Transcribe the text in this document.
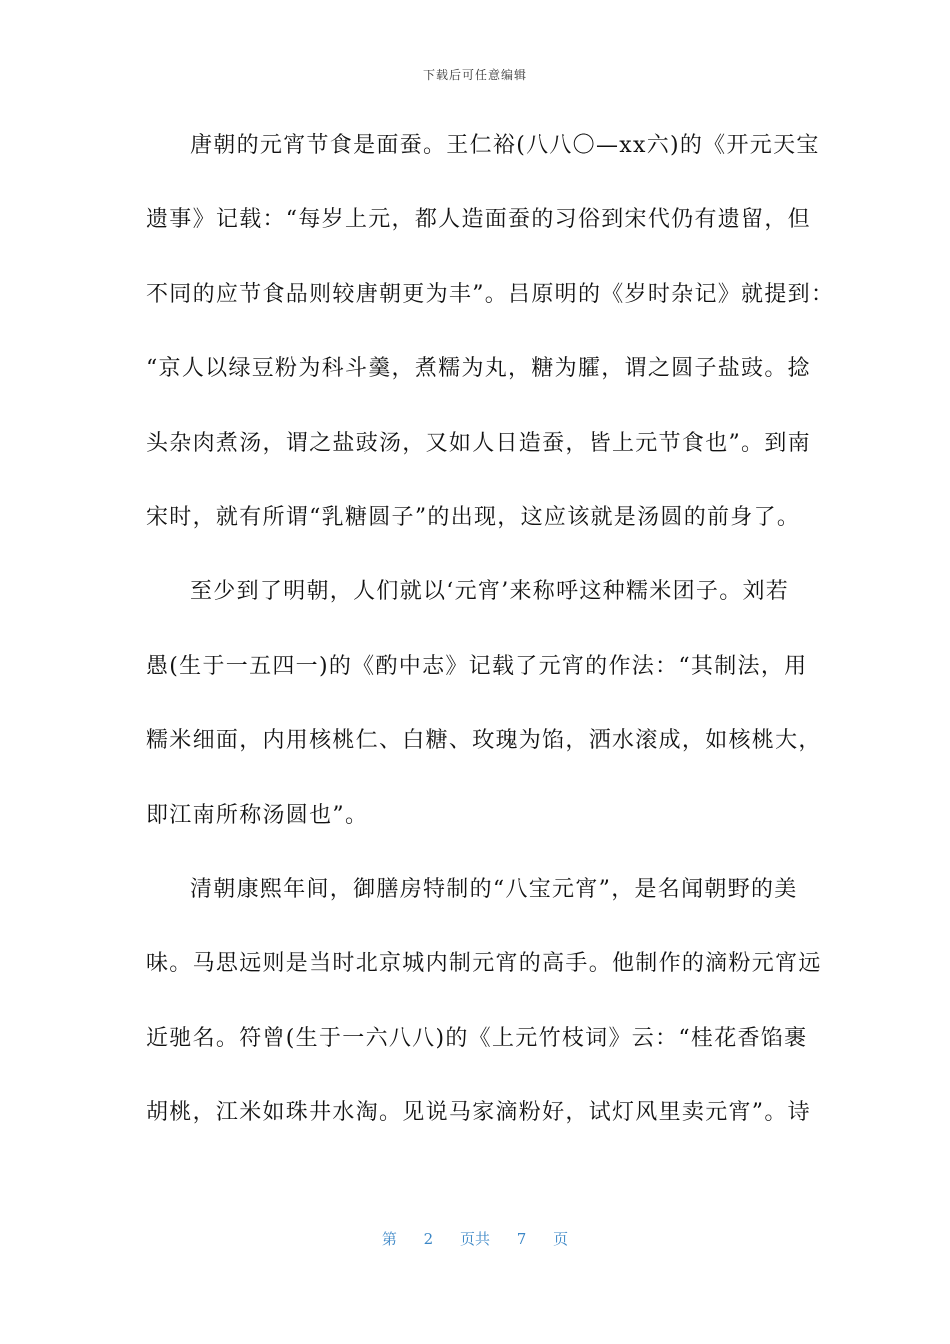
下载后可任意编辑
唐朝的元宵节食是面蚕。王仁裕(八八〇—xx六)的《开元天宝
遗事》记载：“每岁上元，都人造面蚕的习俗到宋代仍有遗留，但
不同的应节食品则较唐朝更为丰”。吕原明的《岁时杂记》就提到：
“京人以绿豆粉为科斗羹，煮糯为丸，糖为臛，谓之圆子盐豉。捻
头杂肉煮汤，谓之盐豉汤，又如人日造蚕，皆上元节食也”。到南
宋时，就有所谓“乳糖圆子”的出现，这应该就是汤圆的前身了。
至少到了明朝，人们就以‘元宵’来称呼这种糯米团子。刘若
愚(生于一五四一)的《酌中志》记载了元宵的作法：“其制法，用
糯米细面，内用核桃仁、白糖、玫瑰为馅，洒水滚成，如核桃大，
即江南所称汤圆也”。
清朝康熙年间，御膳房特制的“八宝元宵”，是名闻朝野的美
味。马思远则是当时北京城内制元宵的高手。他制作的滴粉元宵远
近驰名。符曾(生于一六八八)的《上元竹枝词》云：“桂花香馅裹
胡桃，江米如珠井水淘。见说马家滴粉好，试灯风里卖元宵”。诗
第 2 页共 7 页
